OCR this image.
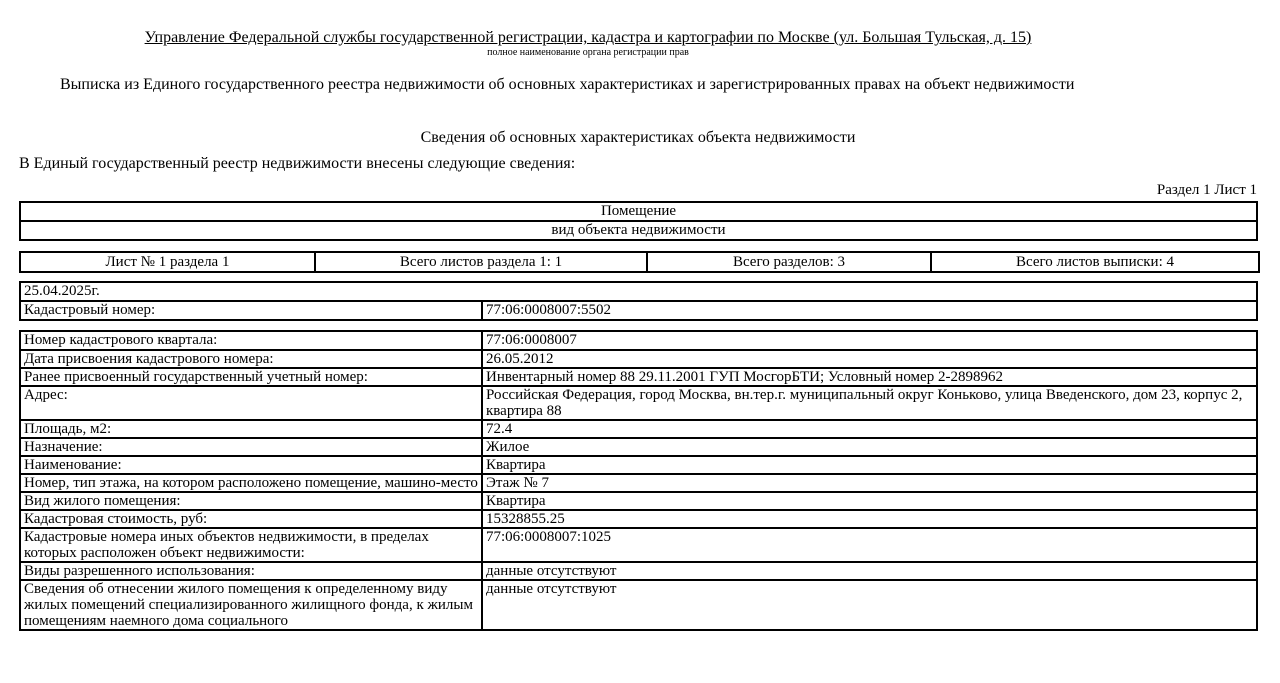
Управление Федеральной службы государственной регистрации, кадастра и картографии по Москве (ул. Большая Тульская, д. 15)
полное наименование органа регистрации прав
Выписка из Единого государственного реестра недвижимости об основных характеристиках и зарегистрированных правах на объект недвижимости
Сведения об основных характеристиках объекта недвижимости
В Единый государственный реестр недвижимости внесены следующие сведения:
Раздел 1 Лист 1
Помещение
вид объекта недвижимости
Лист № 1 раздела 1	Всего листов раздела 1: 1	Всего разделов: 3	Всего листов выписки: 4
25.04.2025г.
Кадастровый номер:	77:06:0008007:5502
Номер кадастрового квартала:	77:06:0008007
Дата присвоения кадастрового номера:	26.05.2012
Ранее присвоенный государственный учетный номер:	Инвентарный номер 88 29.11.2001 ГУП МосгорБТИ; Условный номер 2-2898962
Адрес:	Российская Федерация, город Москва, вн.тер.г. муниципальный округ Коньково, улица Введенского, дом 23, корпус 2, квартира 88
Площадь, м2:	72.4
Назначение:	Жилое
Наименование:	Квартира
Номер, тип этажа, на котором расположено помещение, машино-место	Этаж № 7
Вид жилого помещения:	Квартира
Кадастровая стоимость, руб:	15328855.25
Кадастровые номера иных объектов недвижимости, в пределах которых расположен объект недвижимости:	77:06:0008007:1025
Виды разрешенного использования:	данные отсутствуют
Сведения об отнесении жилого помещения к определенному виду жилых помещений специализированного жилищного фонда, к жилым помещениям наемного дома социального	данные отсутствуют
